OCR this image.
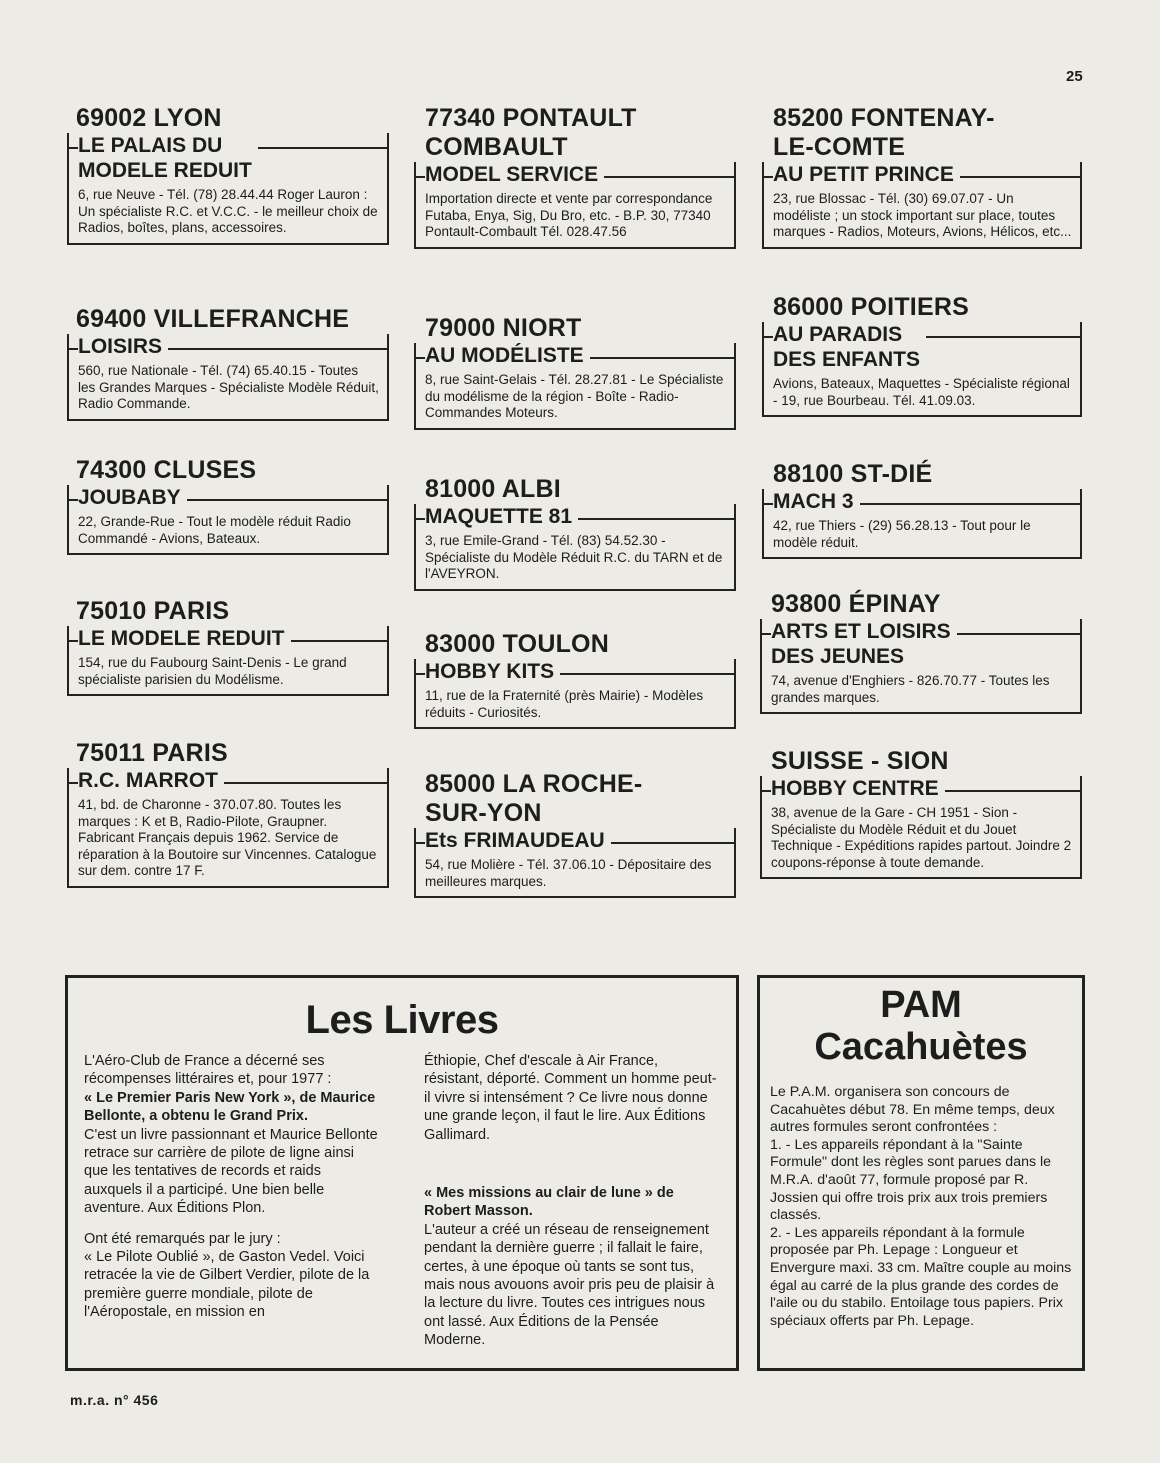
25
69002 LYON
LE PALAIS DU
MODELE REDUIT
6, rue Neuve - Tél. (78) 28.44.44 Roger Lauron : Un spécialiste R.C. et V.C.C. - le meilleur choix de Radios, boîtes, plans, accessoires.
69400 VILLEFRANCHE
LOISIRS
560, rue Nationale - Tél. (74) 65.40.15 - Toutes les Grandes Marques - Spécialiste Modèle Réduit, Radio Commande.
74300 CLUSES
JOUBABY
22, Grande-Rue - Tout le modèle réduit Radio Commandé - Avions, Bateaux.
75010 PARIS
LE MODELE REDUIT
154, rue du Faubourg Saint-Denis - Le grand spécialiste parisien du Modélisme.
75011 PARIS
R.C. MARROT
41, bd. de Charonne - 370.07.80. Toutes les marques : K et B, Radio-Pilote, Graupner. Fabricant Français depuis 1962. Service de réparation à la Boutoire sur Vincennes. Catalogue sur dem. contre 17 F.
77340 PONTAULT
COMBAULT
MODEL SERVICE
Importation directe et vente par correspondance Futaba, Enya, Sig, Du Bro, etc. - B.P. 30, 77340 Pontault-Combault Tél. 028.47.56
79000 NIORT
AU MODÉLISTE
8, rue Saint-Gelais - Tél. 28.27.81 - Le Spécialiste du modélisme de la région - Boîte - Radio-Commandes Moteurs.
81000 ALBI
MAQUETTE 81
3, rue Emile-Grand - Tél. (83) 54.52.30 - Spécialiste du Modèle Réduit R.C. du TARN et de l'AVEYRON.
83000 TOULON
HOBBY KITS
11, rue de la Fraternité (près Mairie) - Modèles réduits - Curiosités.
85000 LA ROCHE-
SUR-YON
Ets FRIMAUDEAU
54, rue Molière - Tél. 37.06.10 - Dépositaire des meilleures marques.
85200 FONTENAY-
LE-COMTE
AU PETIT PRINCE
23, rue Blossac - Tél. (30) 69.07.07 - Un modéliste ; un stock important sur place, toutes marques - Radios, Moteurs, Avions, Hélicos, etc...
86000 POITIERS
AU PARADIS
DES ENFANTS
Avions, Bateaux, Maquettes - Spécialiste régional - 19, rue Bourbeau. Tél. 41.09.03.
88100 ST-DIÉ
MACH 3
42, rue Thiers - (29) 56.28.13 - Tout pour le modèle réduit.
93800 ÉPINAY
ARTS ET LOISIRS
DES JEUNES
74, avenue d'Enghiers - 826.70.77 - Toutes les grandes marques.
SUISSE - SION
HOBBY CENTRE
38, avenue de la Gare - CH 1951 - Sion - Spécialiste du Modèle Réduit et du Jouet Technique - Expéditions rapides partout. Joindre 2 coupons-réponse à toute demande.
Les Livres

L'Aéro-Club de France a décerné ses récompenses littéraires et, pour 1977 :

« Le Premier Paris New York », de Maurice Bellonte, a obtenu le Grand Prix.

C'est un livre passionnant et Maurice Bellonte retrace sur carrière de pilote de ligne ainsi que les tentatives de records et raids auxquels il a participé. Une bien belle aventure. Aux Éditions Plon.

Ont été remarqués par le jury :

« Le Pilote Oublié », de Gaston Vedel. Voici retracée la vie de Gilbert Verdier, pilote de la première guerre mondiale, pilote de l'Aéropostale, en mission en

Éthiopie, Chef d'escale à Air France, résistant, déporté. Comment un homme peut-il vivre si intensément ? Ce livre nous donne une grande leçon, il faut le lire. Aux Éditions Gallimard.

« Mes missions au clair de lune » de Robert Masson.

L'auteur a créé un réseau de renseignement pendant la dernière guerre ; il fallait le faire, certes, à une époque où tants se sont tus, mais nous avouons avoir pris peu de plaisir à la lecture du livre. Toutes ces intrigues nous ont lassé. Aux Éditions de la Pensée Moderne.

PAM
Cacahuètes

Le P.A.M. organisera son concours de Cacahuètes début 78. En même temps, deux autres formules seront confrontées :

1. - Les appareils répondant à la "Sainte Formule" dont les règles sont parues dans le M.R.A. d'août 77, formule proposé par R. Jossien qui offre trois prix aux trois premiers classés.

2. - Les appareils répondant à la formule proposée par Ph. Lepage : Longueur et Envergure maxi. 33 cm. Maître couple au moins égal au carré de la plus grande des cordes de l'aile ou du stabilo. Entoilage tous papiers. Prix spéciaux offerts par Ph. Lepage.

m.r.a. n° 456
